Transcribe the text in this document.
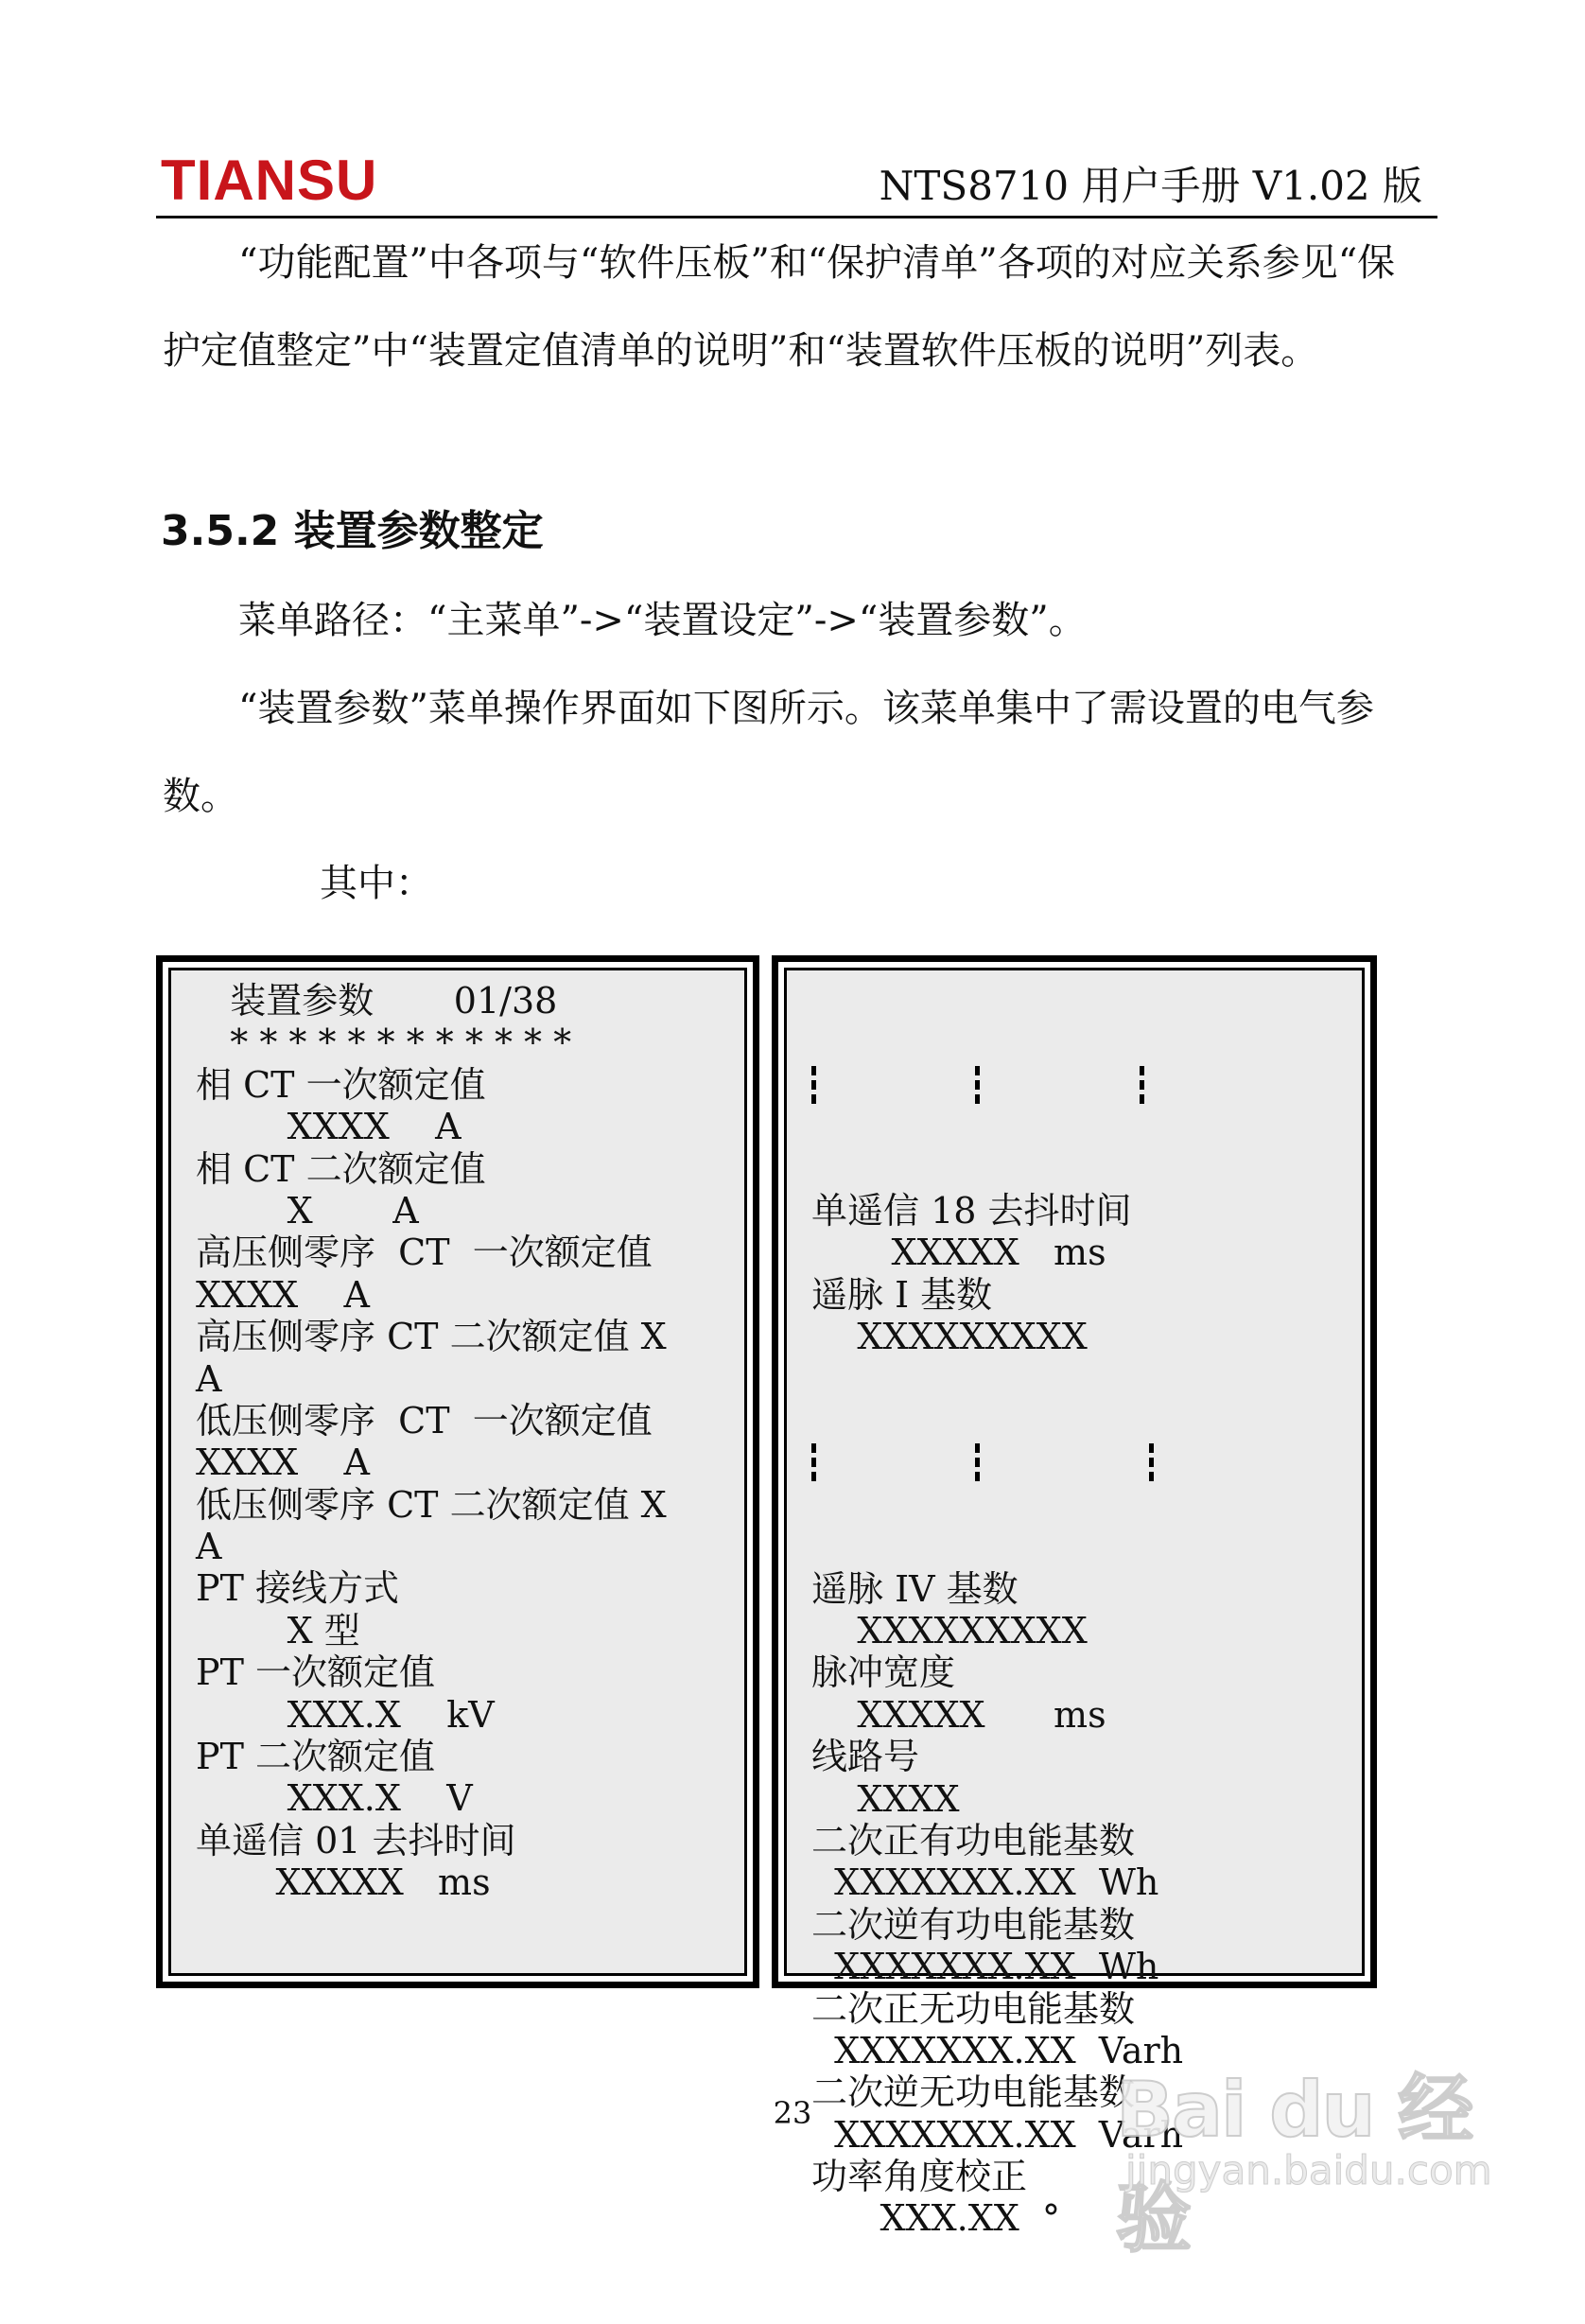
TIANSU	NTS8710 用户手册 V1.02 版

“功能配置”中各项与“软件压板”和“保护清单”各项的对应关系参见“保护定值整定”中“装置定值清单的说明”和“装置软件压板的说明”列表。

3.5.2 装置参数整定

菜单路径：“主菜单”->“装置设定”->“装置参数”。

“装置参数”菜单操作界面如下图所示。该菜单集中了需设置的电气参数。

其中：

装置参数       01/38
* * * * * * * * * * * *
相 CT 一次额定值
XXXX    A
相 CT 二次额定值
X       A
高压侧零序  CT  一次额定值
XXXX    A
高压侧零序 CT 二次额定值 X
A
低压侧零序  CT  一次额定值
XXXX    A
低压侧零序 CT 二次额定值 X
A
PT 接线方式
X 型
PT 一次额定值
XXX.X    kV
PT 二次额定值
XXX.X    V
单遥信 01 去抖时间
XXXXX   ms

单遥信 18 去抖时间
XXXXX   ms
遥脉 I 基数
XXXXXXXXX

遥脉 IV 基数
XXXXXXXXX
脉冲宽度
XXXXX      ms
线路号
XXXX
二次正有功电能基数
XXXXXXX.XX  Wh
二次逆有功电能基数
XXXXXXX.XX  Wh
二次正无功电能基数
XXXXXXX.XX  Varh
二次逆无功电能基数
XXXXXXX.XX  Varh
功率角度校正
XXX.XX  °

23	Bai du 经验
jingyan.baidu.com
